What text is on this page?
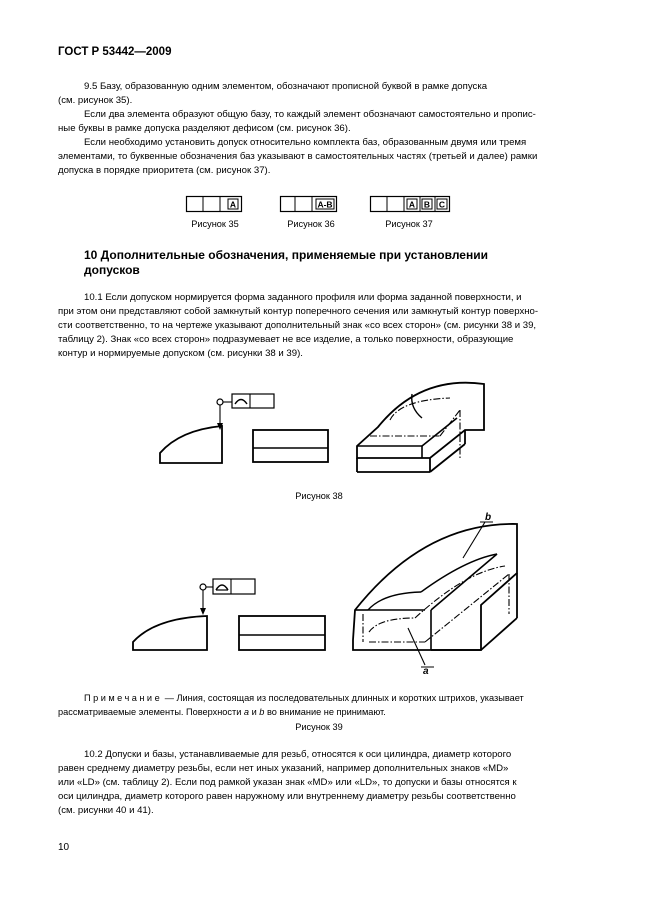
ГОСТ Р 53442—2009

9.5 Базу, образованную одним элементом, обозначают прописной буквой в рамке допуска
(см. рисунок 35).

Если два элемента образуют общую базу, то каждый элемент обозначают самостоятельно и пропис-
ные буквы в рамке допуска разделяют дефисом (см. рисунок 36).

Если необходимо установить допуск относительно комплекта баз, образованным двумя или тремя
элементами, то буквенные обозначения баз указывают в самостоятельных частях (третьей и далее) рамки
допуска в порядке приоритета (см. рисунок 37).

A
Рисунок 35
A-B
Рисунок 36
A B C
Рисунок 37
10 Дополнительные обозначения, применяемые при установлении
допусков

10.1 Если допуском нормируется форма заданного профиля или форма заданной поверхности, и
при этом они представляют собой замкнутый контур поперечного сечения или замкнутый контур поверхно-
сти соответственно, то на чертеже указывают дополнительный знак «со всех сторон» (см. рисунки 38 и 39,
таблицу 2). Знак «со всех сторон» подразумевает не все изделие, а только поверхности, образующие
контур и нормируемые допуском (см. рисунки 38 и 39).

Рисунок 38
b
a
Примечание — Линия, состоящая из последовательных длинных и коротких штрихов, указывает
рассматриваемые элементы. Поверхности a и b во внимание не принимают.
Рисунок 39

10.2 Допуски и базы, устанавливаемые для резьб, относятся к оси цилиндра, диаметр которого
равен среднему диаметру резьбы, если нет иных указаний, например дополнительных знаков «MD»
или «LD» (см. таблицу 2). Если под рамкой указан знак «MD» или «LD», то допуски и базы относятся к
оси цилиндра, диаметр которого равен наружному или внутреннему диаметру резьбы соответственно
(см. рисунки 40 и 41).

10
